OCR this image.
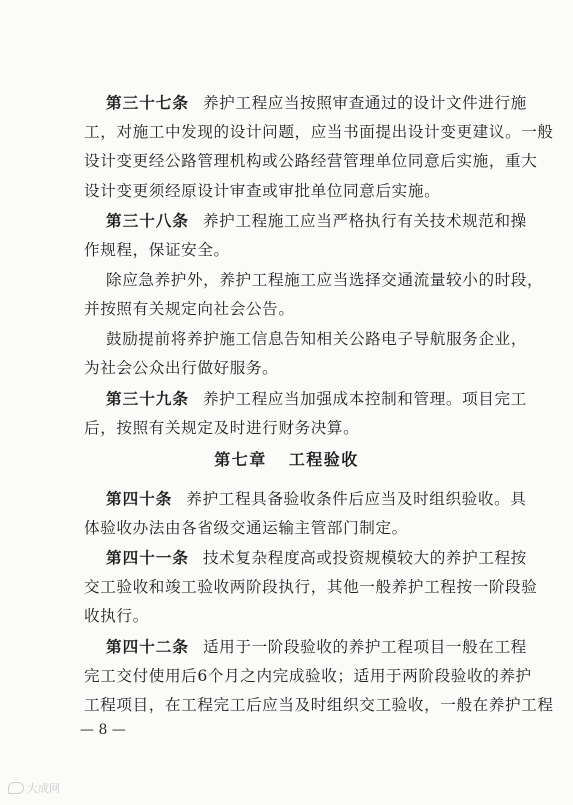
第三十七条 养护工程应当按照审查通过的设计文件进行施
工，对施工中发现的设计问题，应当书面提出设计变更建议。一般
设计变更经公路管理机构或公路经营管理单位同意后实施，重大
设计变更须经原设计审查或审批单位同意后实施。
第三十八条 养护工程施工应当严格执行有关技术规范和操
作规程，保证安全。
除应急养护外，养护工程施工应当选择交通流量较小的时段，
并按照有关规定向社会公告。
鼓励提前将养护施工信息告知相关公路电子导航服务企业，
为社会公众出行做好服务。
第三十九条 养护工程应当加强成本控制和管理。项目完工
后，按照有关规定及时进行财务决算。
第七章 工程验收
第四十条 养护工程具备验收条件后应当及时组织验收。具
体验收办法由各省级交通运输主管部门制定。
第四十一条 技术复杂程度高或投资规模较大的养护工程按
交工验收和竣工验收两阶段执行，其他一般养护工程按一阶段验
收执行。
第四十二条 适用于一阶段验收的养护工程项目一般在工程
完工交付使用后6个月之内完成验收；适用于两阶段验收的养护
工程项目，在工程完工后应当及时组织交工验收，一般在养护工程
— 8 —
大成网
